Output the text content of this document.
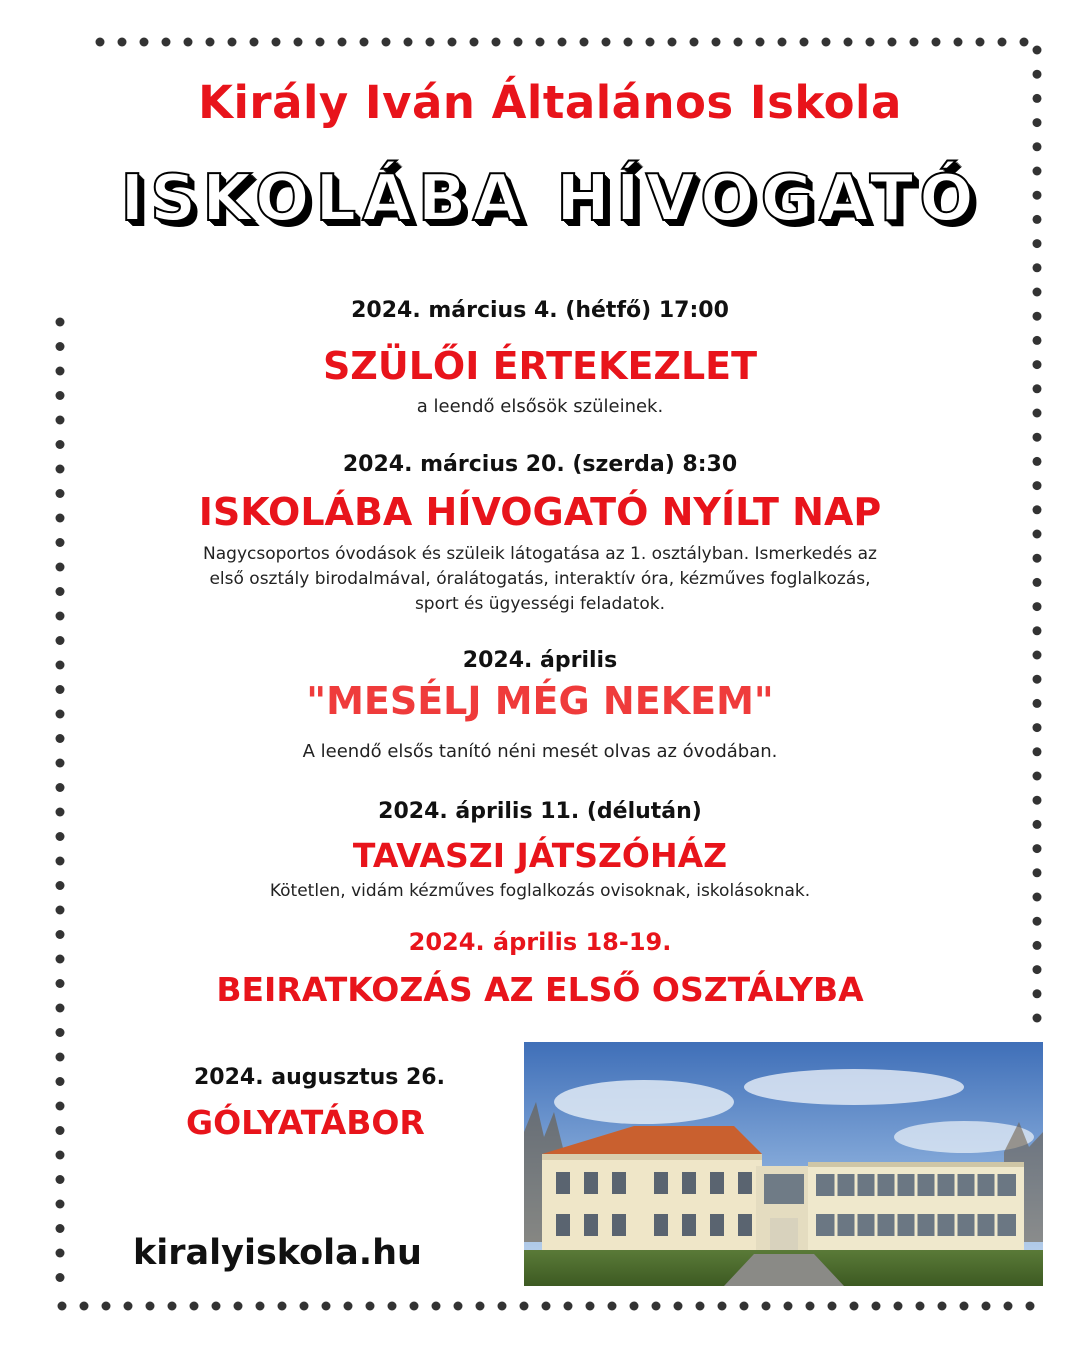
Király Iván Általános Iskola
ISKOLÁBA HÍVOGATÓ
2024. március 4. (hétfő) 17:00
SZÜLŐI ÉRTEKEZLET
a leendő elsősök szüleinek.
2024. március 20. (szerda) 8:30
ISKOLÁBA HÍVOGATÓ NYÍLT NAP
Nagycsoportos óvodások és szüleik látogatása az 1. osztályban. Ismerkedés az
első osztály birodalmával, óralátogatás, interaktív óra, kézműves foglalkozás,
sport és ügyességi feladatok.
2024. április
"MESÉLJ MÉG NEKEM"
A leendő elsős tanító néni mesét olvas az óvodában.
2024. április 11. (délután)
TAVASZI JÁTSZÓHÁZ
Kötetlen, vidám kézműves foglalkozás ovisoknak, iskolásoknak.
2024. április 18-19.
BEIRATKOZÁS AZ ELSŐ OSZTÁLYBA
2024. augusztus 26.
GÓLYATÁBOR
kiralyiskola.hu
